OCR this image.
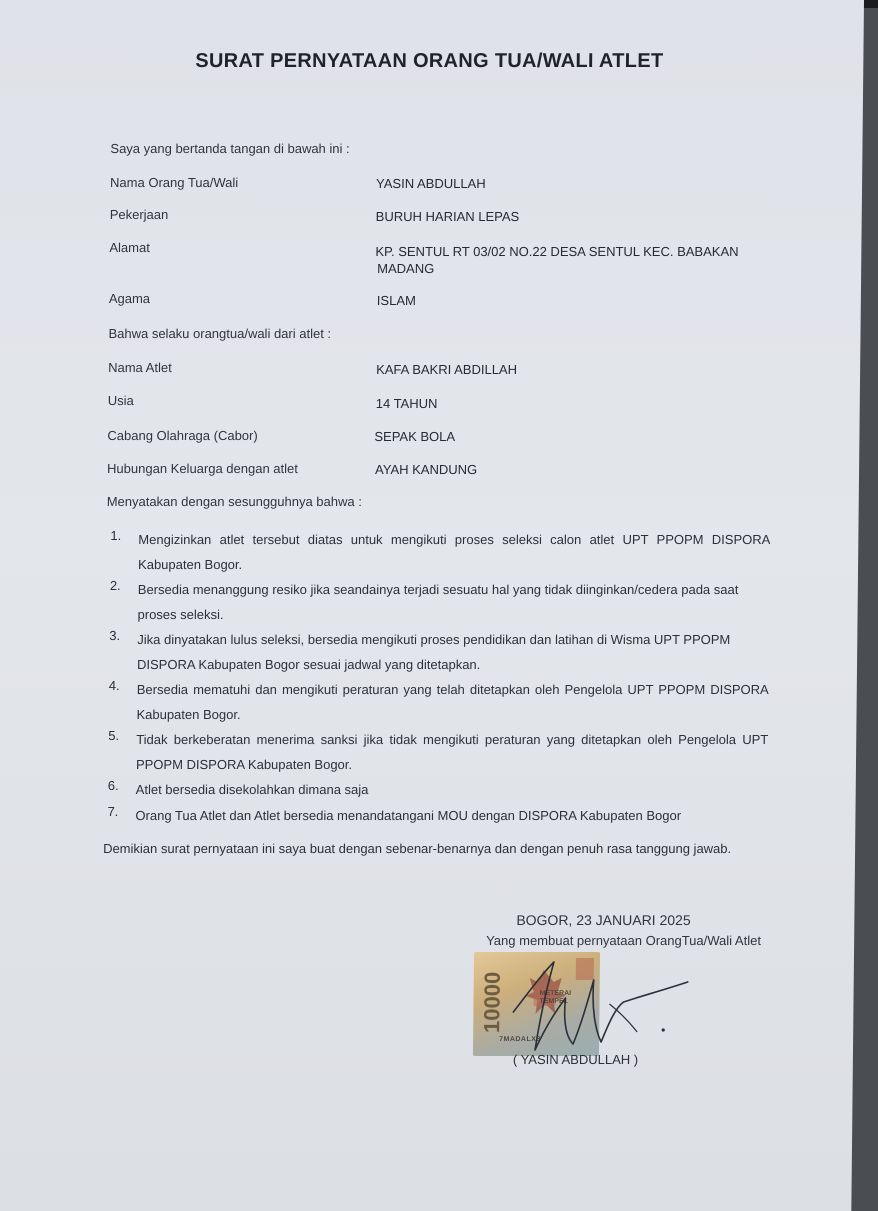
SURAT PERNYATAAN ORANG TUA/WALI ATLET
Saya yang bertanda tangan di bawah ini :
Nama Orang Tua/Wali	YASIN ABDULLAH
Pekerjaan	BURUH HARIAN LEPAS
Alamat	KP. SENTUL RT 03/02 NO.22 DESA SENTUL KEC. BABAKAN
MADANG
Agama	ISLAM
Bahwa selaku orangtua/wali dari atlet :
Nama Atlet	KAFA BAKRI ABDILLAH
Usia	14 TAHUN
Cabang Olahraga (Cabor)	SEPAK BOLA
Hubungan Keluarga dengan atlet	AYAH KANDUNG
Menyatakan dengan sesungguhnya bahwa :
1.	Mengizinkan atlet tersebut diatas untuk mengikuti proses seleksi calon atlet UPT PPOPM DISPORA Kabupaten Bogor.
2.	Bersedia menanggung resiko jika seandainya terjadi sesuatu hal yang tidak diinginkan/cedera pada saat proses seleksi.
3.	Jika dinyatakan lulus seleksi, bersedia mengikuti proses pendidikan dan latihan di Wisma UPT PPOPM DISPORA Kabupaten Bogor sesuai jadwal yang ditetapkan.
4.	Bersedia mematuhi dan mengikuti peraturan yang telah ditetapkan oleh Pengelola UPT PPOPM DISPORA Kabupaten Bogor.
5.	Tidak berkeberatan menerima sanksi jika tidak mengikuti peraturan yang ditetapkan oleh Pengelola UPT PPOPM DISPORA Kabupaten Bogor.
6.	Atlet bersedia disekolahkan dimana saja
7.	Orang Tua Atlet dan Atlet bersedia menandatangani MOU dengan DISPORA Kabupaten Bogor
Demikian surat pernyataan ini saya buat dengan sebenar-benarnya dan dengan penuh rasa tanggung jawab.
BOGOR, 23 JANUARI 2025
Yang membuat pernyataan OrangTua/Wali Atlet
10000	METERAI TEMPEL
7MADALX3
( YASIN ABDULLAH )
